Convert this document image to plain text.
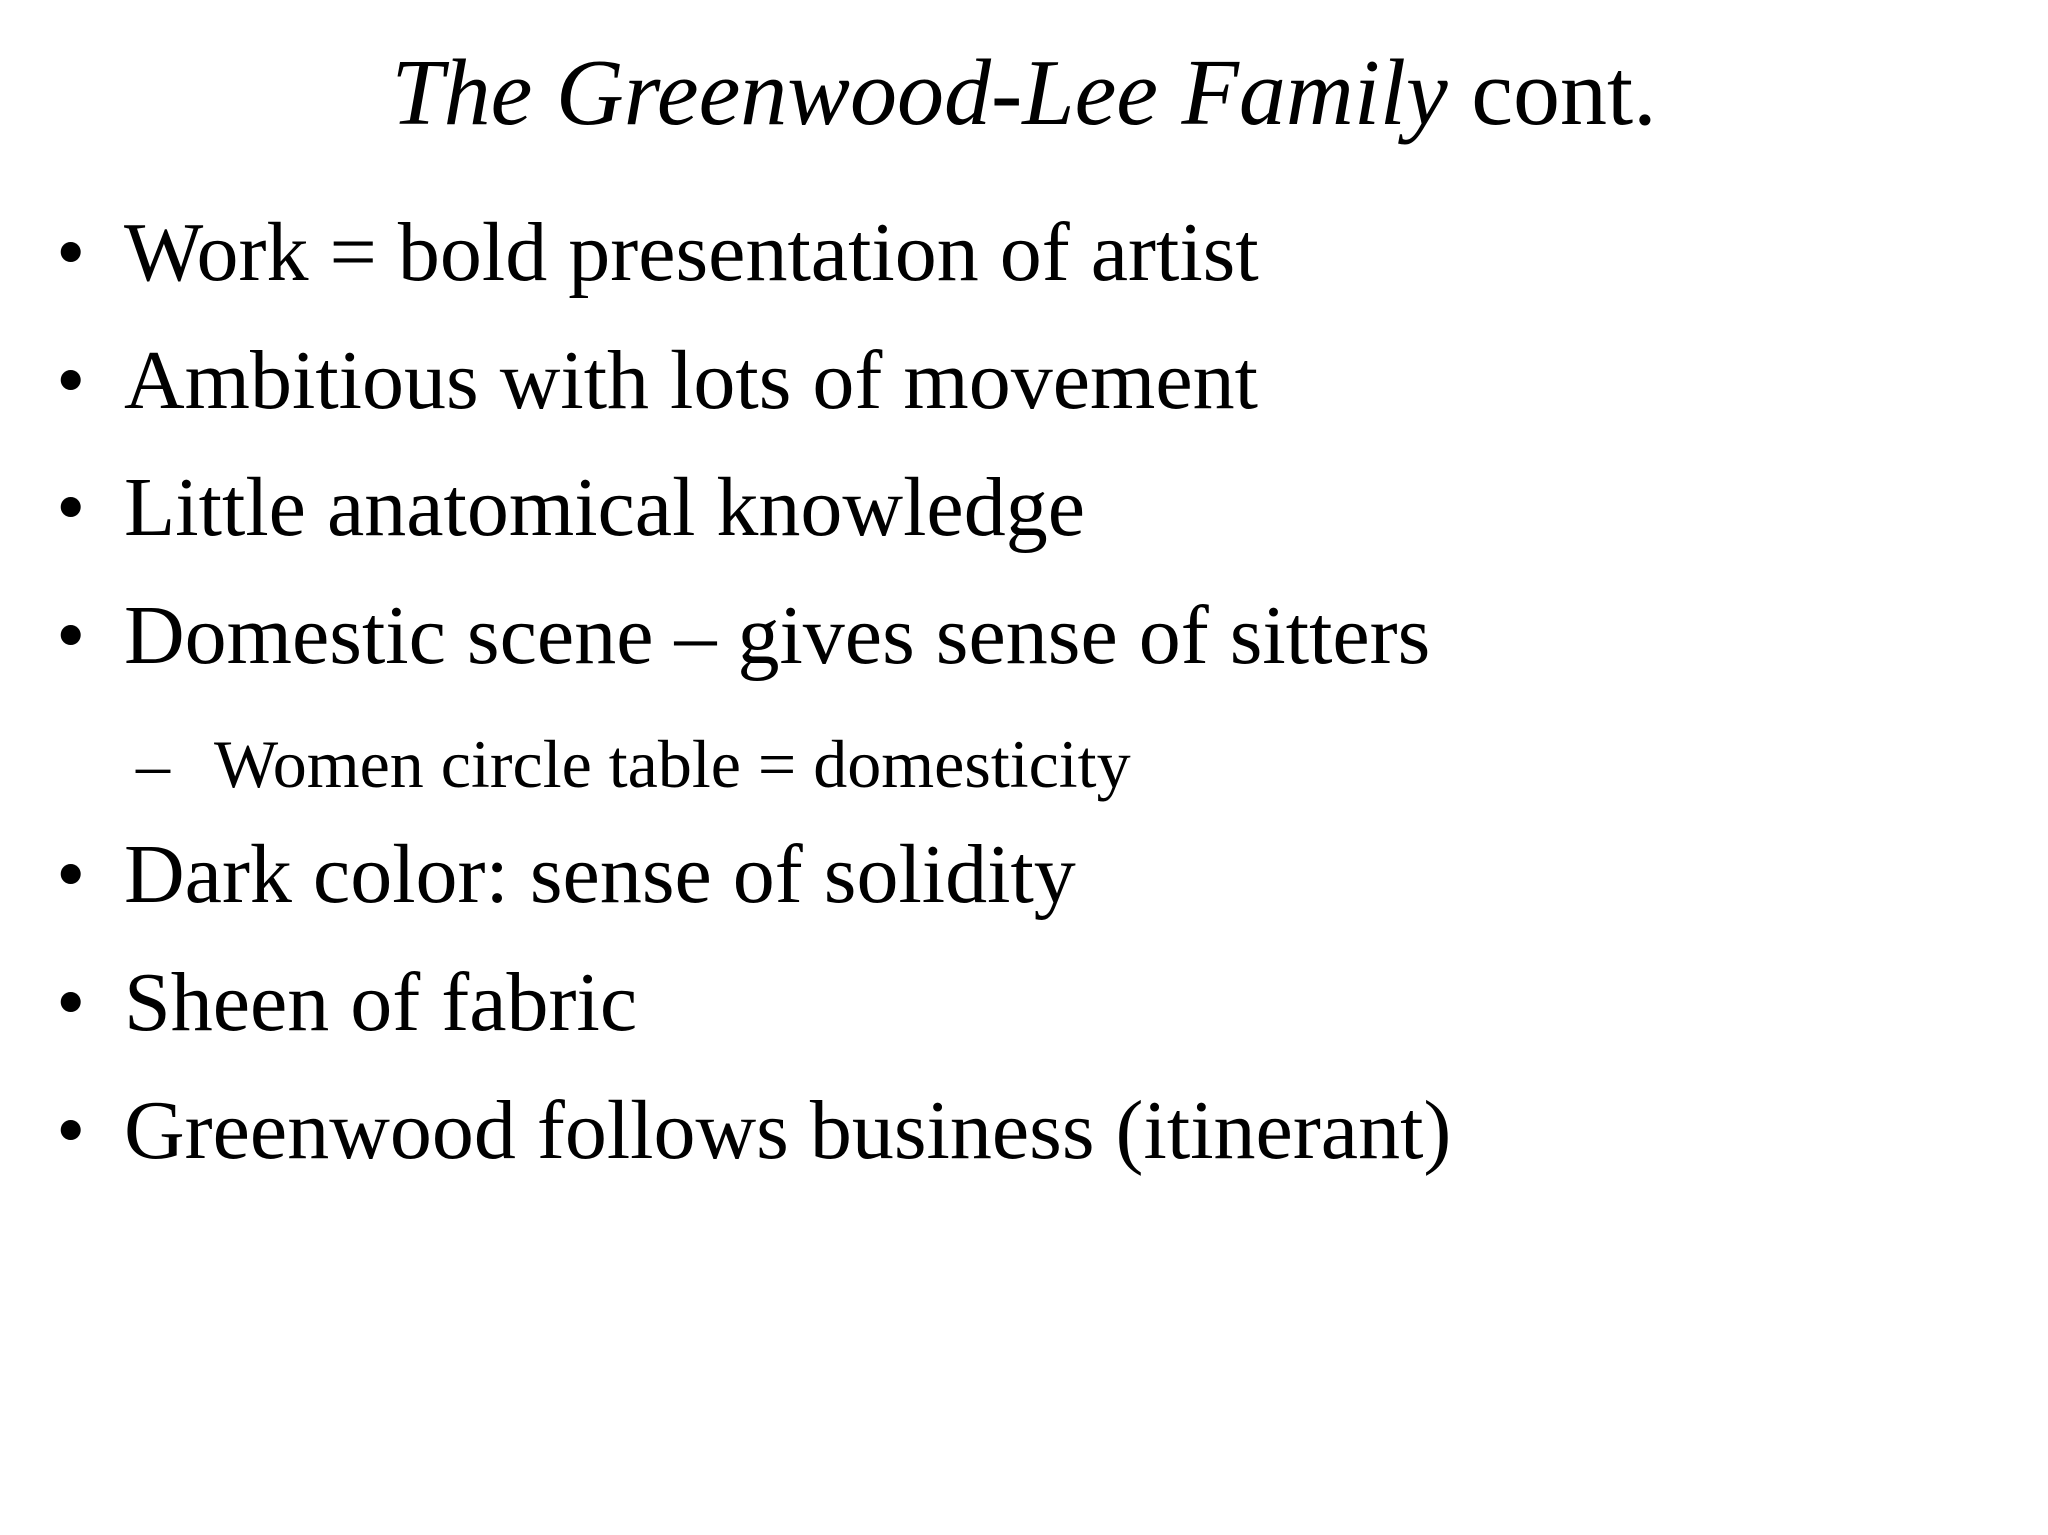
The Greenwood-Lee Family cont.
• Work = bold presentation of artist
• Ambitious with lots of movement
• Little anatomical knowledge
• Domestic scene – gives sense of sitters
– Women circle table = domesticity
• Dark color: sense of solidity
• Sheen of fabric
• Greenwood follows business (itinerant)
